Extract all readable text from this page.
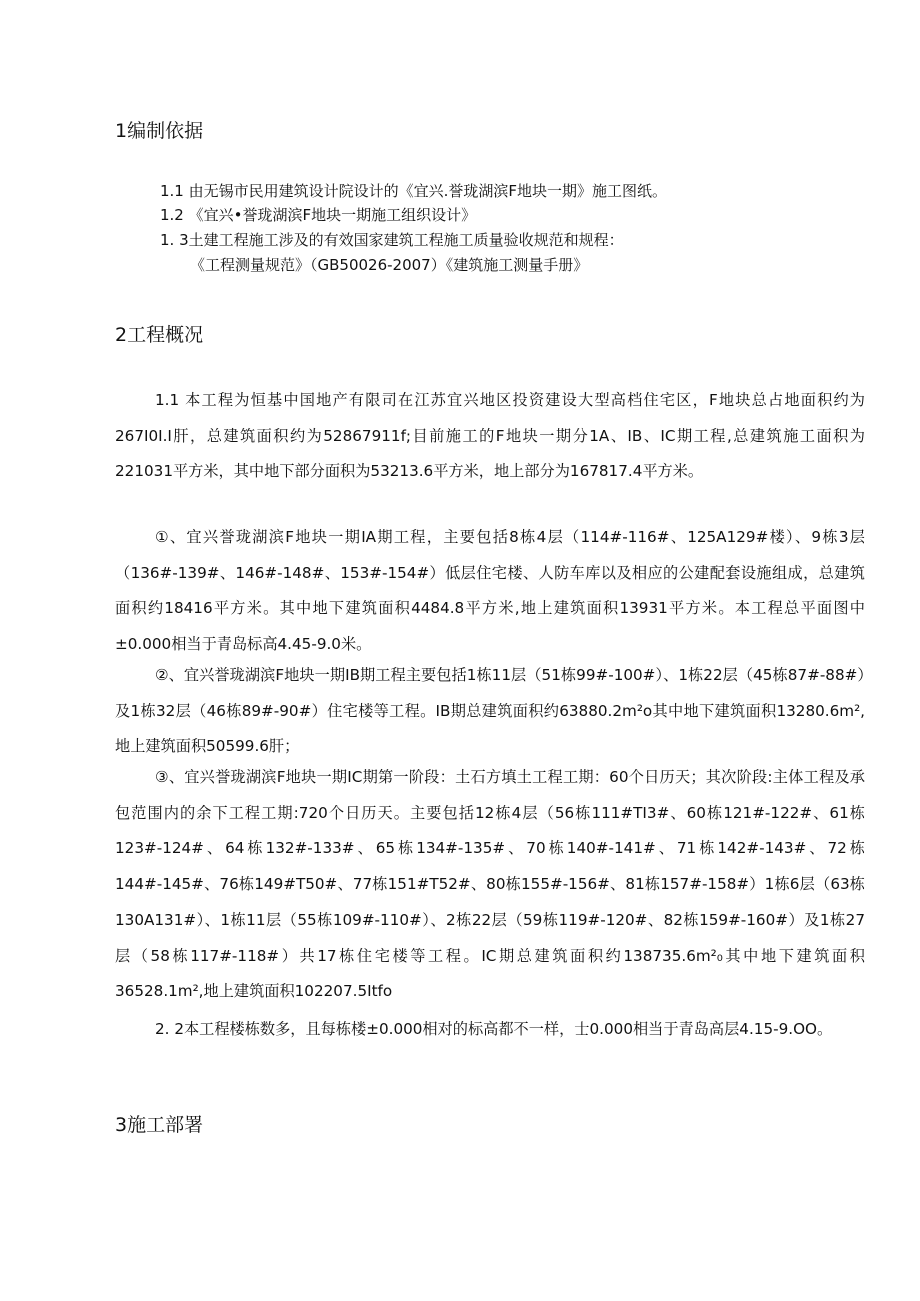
1编制依据
1.1 由无锡市民用建筑设计院设计的《宜兴.誉珑湖滨F地块一期》施工图纸。
1.2 《宜兴•誉珑湖滨F地块一期施工组织设计》
1. 3土建工程施工涉及的有效国家建筑工程施工质量验收规范和规程：
《工程测量规范》（GB50026-2007）《建筑施工测量手册》
2工程概况

1.1 本工程为恒基中国地产有限司在江苏宜兴地区投资建设大型高档住宅区，F地块总占地面积约为267I0I.I肝，总建筑面积约为52867911f;目前施工的F地块一期分1A、IB、IC期工程,总建筑施工面积为221031平方米，其中地下部分面积为53213.6平方米，地上部分为167817.4平方米。

①、宜兴誉珑湖滨F地块一期IA期工程，主要包括8栋4层（114#-116#、125A129#楼）、9栋3层（136#-139#、146#-148#、153#-154#）低层住宅楼、人防车库以及相应的公建配套设施组成，总建筑面积约18416平方米。其中地下建筑面积4484.8平方米,地上建筑面积13931平方米。本工程总平面图中±0.000相当于青岛标高4.45-9.0米。

②、宜兴誉珑湖滨F地块一期IB期工程主要包括1栋11层（51栋99#-100#）、1栋22层（45栋87#-88#）及1栋32层（46栋89#-90#）住宅楼等工程。IB期总建筑面积约63880.2m²o其中地下建筑面积13280.6m²,地上建筑面积50599.6肝；

③、宜兴誉珑湖滨F地块一期IC期第一阶段：土石方填土工程工期：60个日历天；其次阶段:主体工程及承包范围内的余下工程工期:720个日历天。主要包括12栋4层（56栋111#TI3#、60栋121#-122#、61栋123#-124#、64栋132#-133#、65栋134#-135#、70栋140#-141#、71栋142#-143#、72栋144#-145#、76栋149#T50#、77栋151#T52#、80栋155#-156#、81栋157#-158#）1栋6层（63栋130A131#）、1栋11层（55栋109#-110#）、2栋22层（59栋119#-120#、82栋159#-160#）及1栋27层（58栋117#-118#）共17栋住宅楼等工程。IC期总建筑面积约138735.6m²₀其中地下建筑面积36528.1m²,地上建筑面积102207.5Itfo

2. 2本工程楼栋数多，且每栋楼±0.000相对的标高都不一样，士0.000相当于青岛高层4.15-9.OO。

3施工部署
